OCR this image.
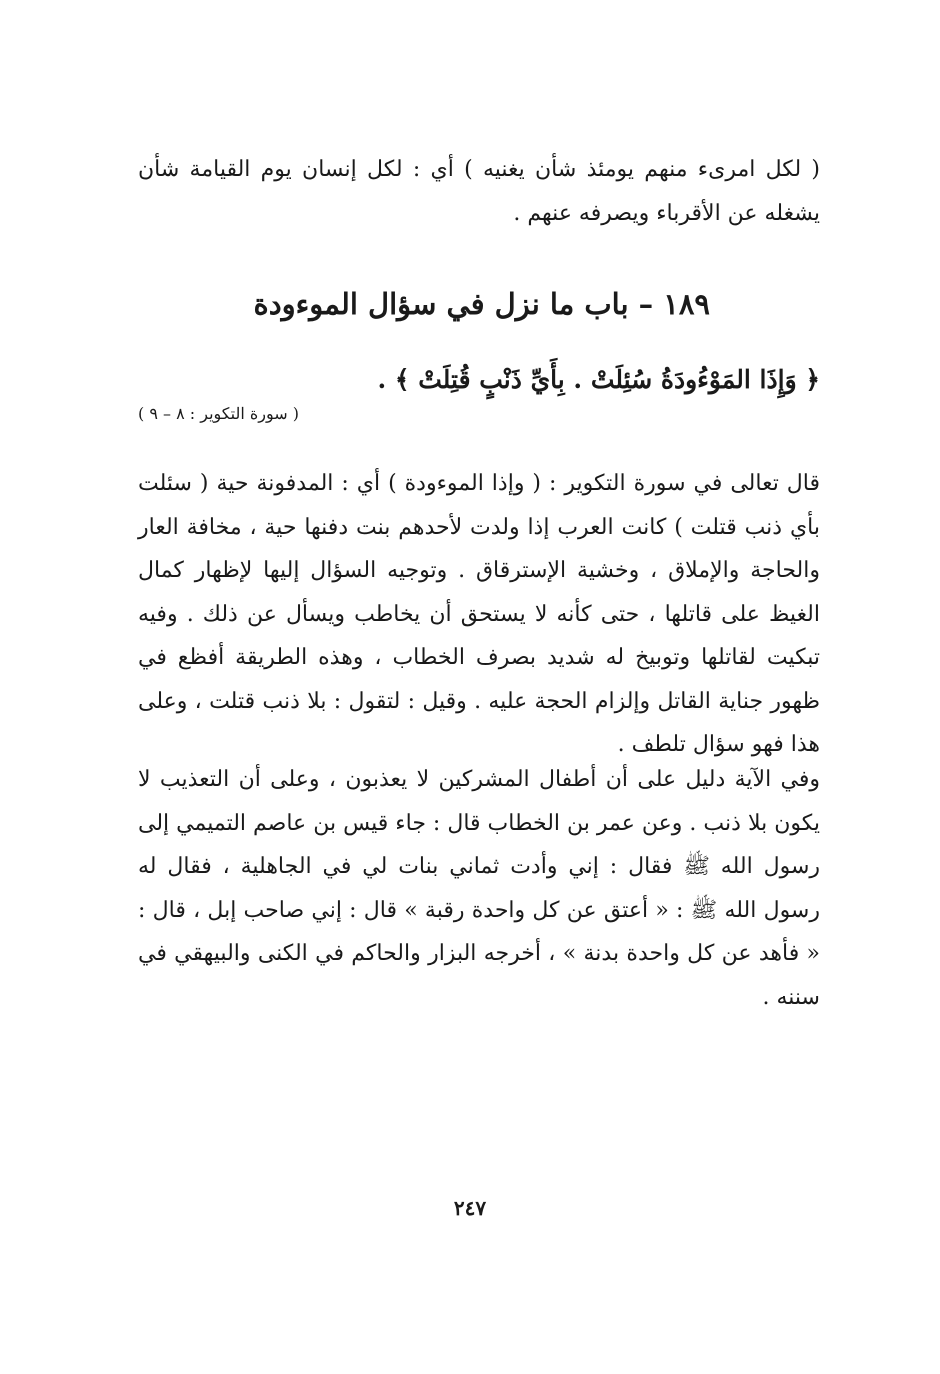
( لكل امرىء منهم يومئذ شأن يغنيه ) أي : لكل إنسان يوم القيامة شأن يشغله عن الأقرباء ويصرفه عنهم .

١٨٩ – باب ما نزل في سؤال الموءودة
﴿ وَإِذَا المَوْءُودَةُ سُئِلَتْ . بِأَيِّ ذَنْبٍ قُتِلَتْ ﴾ .
( سورة التكوير : ٨ – ٩ )

قال تعالى في سورة التكوير : ( وإذا الموءودة ) أي : المدفونة حية ( سئلت بأي ذنب قتلت ) كانت العرب إذا ولدت لأحدهم بنت دفنها حية ، مخافة العار والحاجة والإملاق ، وخشية الإسترقاق . وتوجيه السؤال إليها لإظهار كمال الغيظ على قاتلها ، حتى كأنه لا يستحق أن يخاطب ويسأل عن ذلك . وفيه تبكيت لقاتلها وتوبيخ له شديد بصرف الخطاب ، وهذه الطريقة أفظع في ظهور جناية القاتل وإلزام الحجة عليه . وقيل : لتقول : بلا ذنب قتلت ، وعلى هذا فهو سؤال تلطف .

وفي الآية دليل على أن أطفال المشركين لا يعذبون ، وعلى أن التعذيب لا يكون بلا ذنب . وعن عمر بن الخطاب قال : جاء قيس بن عاصم التميمي إلى رسول الله ﷺ فقال : إني وأدت ثماني بنات لي في الجاهلية ، فقال له رسول الله ﷺ : « أعتق عن كل واحدة رقبة » قال : إني صاحب إبل ، قال : « فأهد عن كل واحدة بدنة » ، أخرجه البزار والحاكم في الكنى والبيهقي في سننه .

٢٤٧
